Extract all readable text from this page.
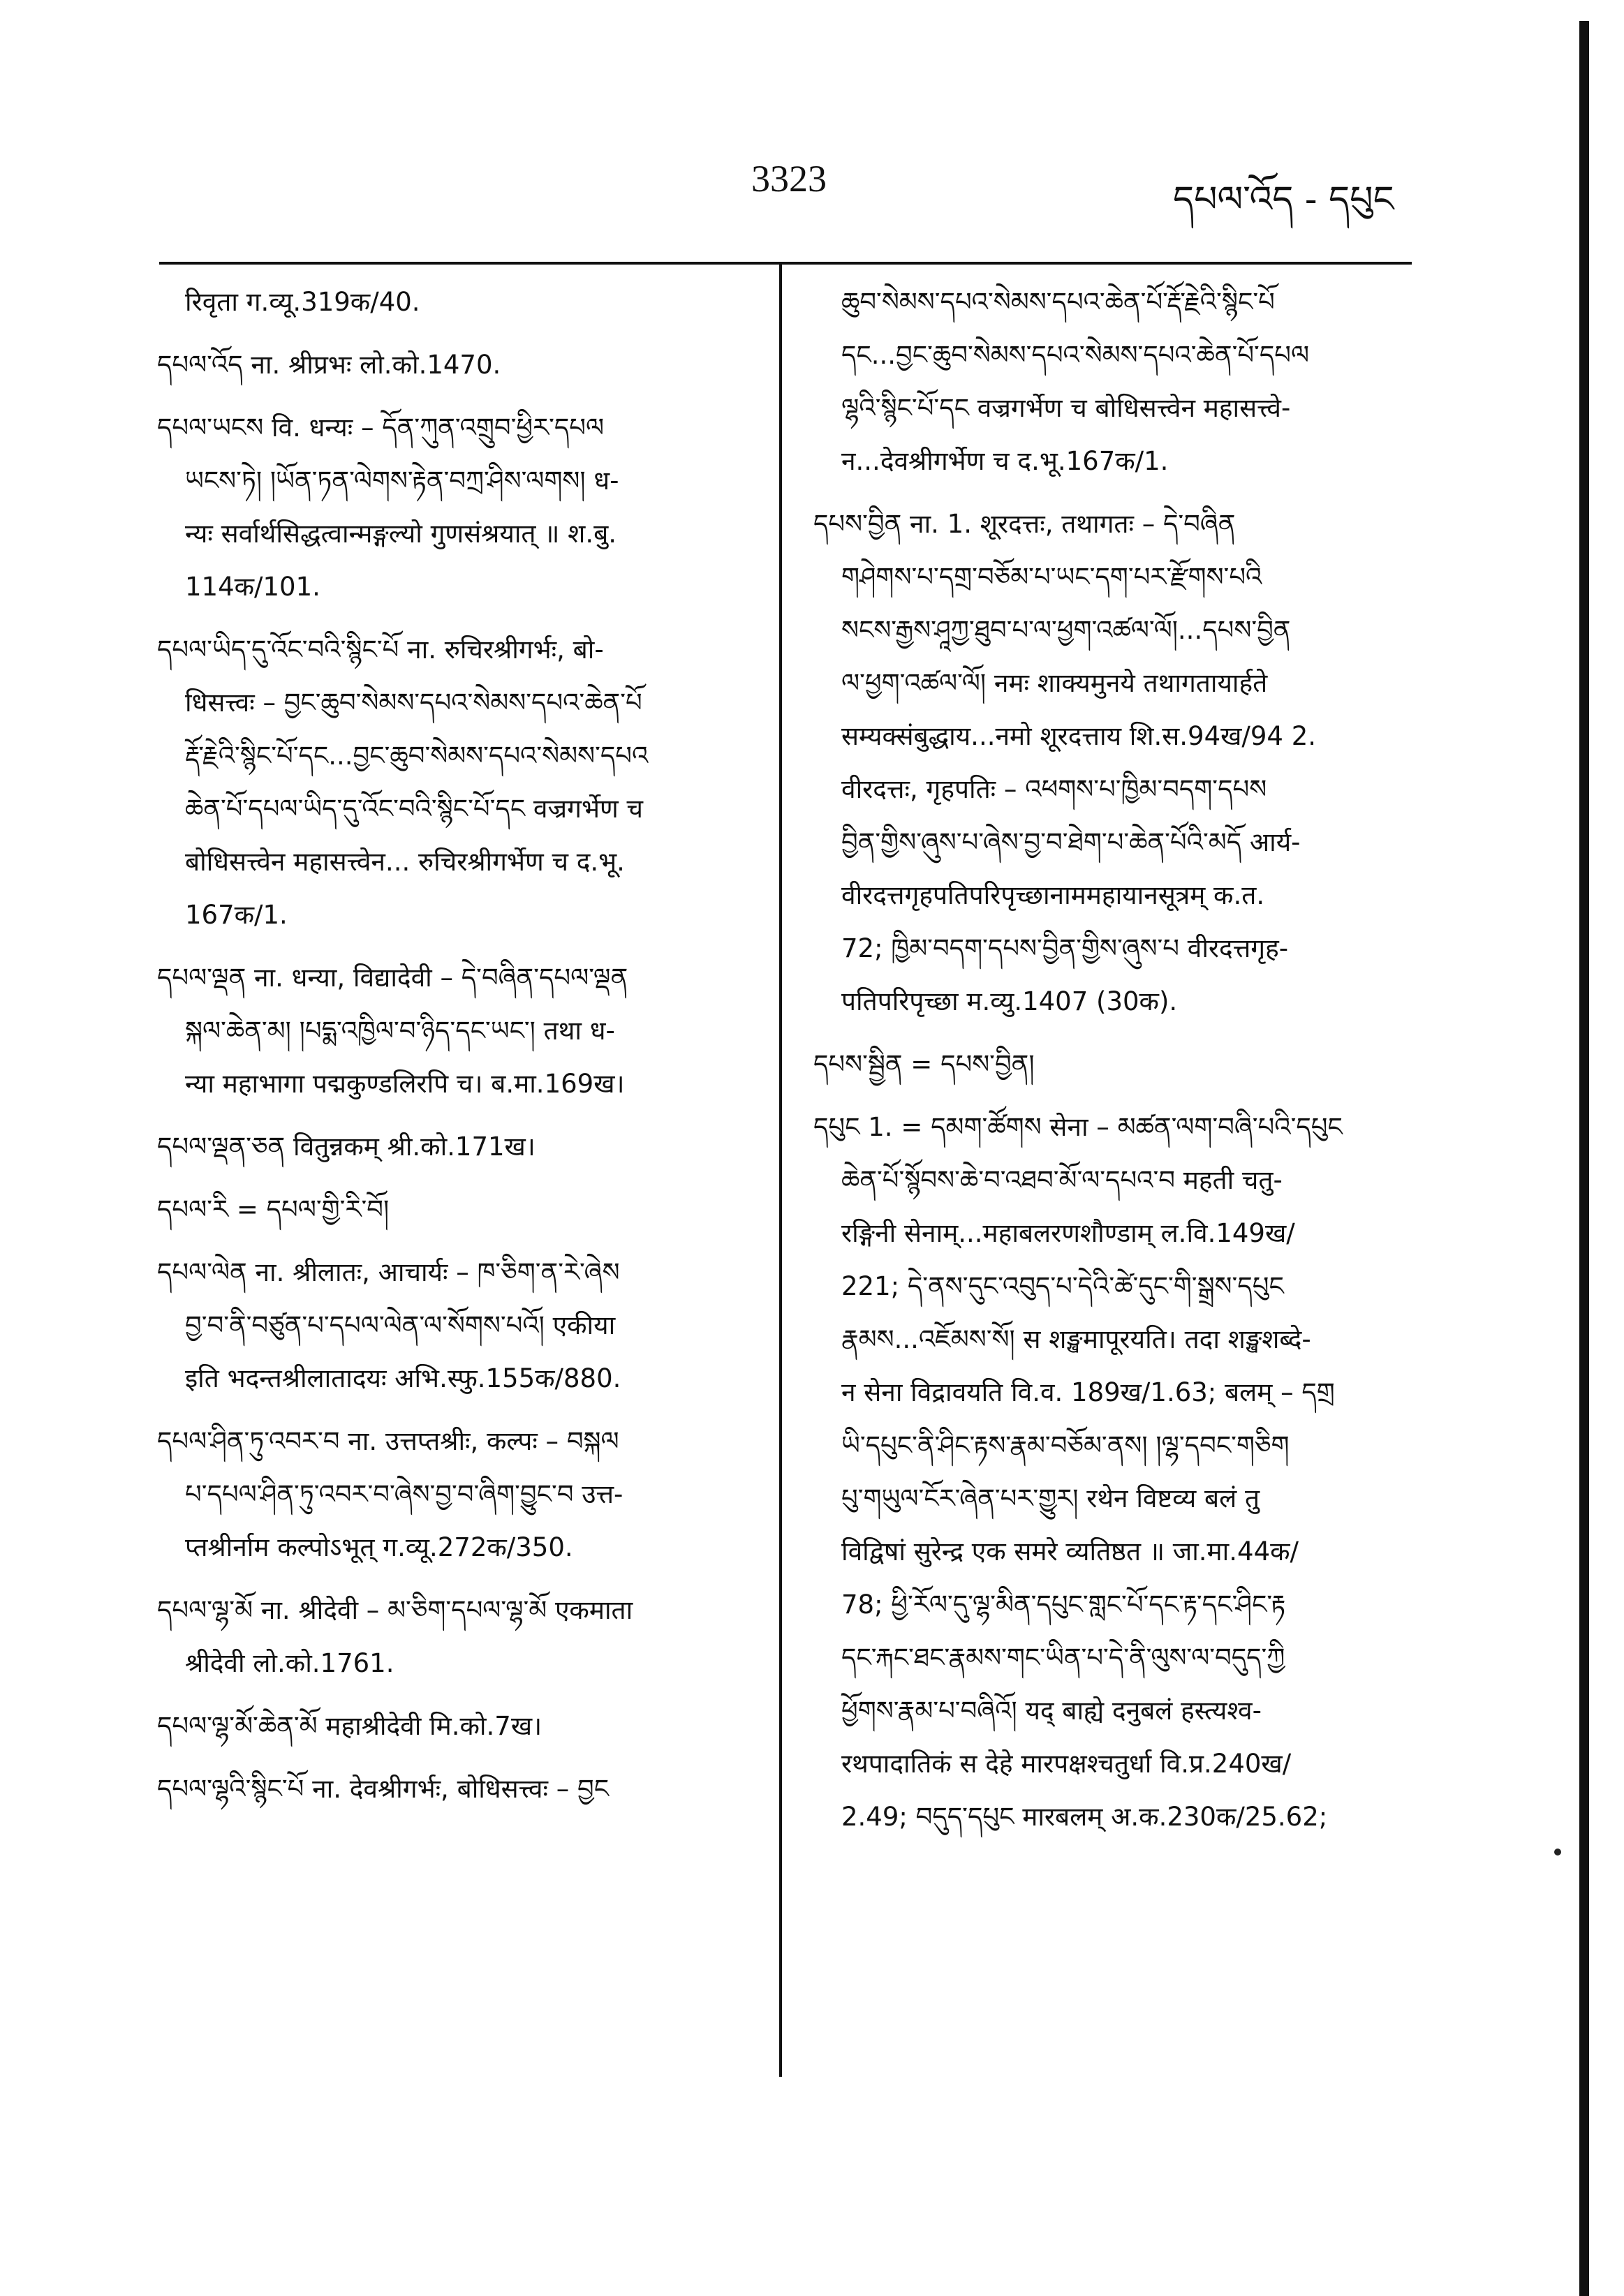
3323	དཔལ་འོད - དཔུང
रिवृता ग.व्यू.319क/40.
དཔལ་འོད ना. श्रीप्रभः लो.को.1470.
དཔལ་ཡངས वि. धन्यः – དོན་ཀུན་འགྲུབ་ཕྱིར་དཔལ
ཡངས་ཏེ། །ཡོན་ཏན་ལེགས་རྟེན་བཀྲ་ཤིས་ལགས། ध-
न्यः सर्वार्थसिद्धत्वान्मङ्गल्यो गुणसंश्रयात् ॥ श.बु.
114क/101.
དཔལ་ཡིད་དུ་འོང་བའི་སྙིང་པོ ना. रुचिरश्रीगर्भः, बो-
धिसत्त्वः – བྱང་ཆུབ་སེམས་དཔའ་སེམས་དཔའ་ཆེན་པོ
རྡོ་རྗེའི་སྙིང་པོ་དང...བྱང་ཆུབ་སེམས་དཔའ་སེམས་དཔའ
ཆེན་པོ་དཔལ་ཡིད་དུ་འོང་བའི་སྙིང་པོ་དང वज्रगर्भेण च
बोधिसत्त्वेन महासत्त्वेन... रुचिरश्रीगर्भेण च द.भू.
167क/1.
དཔལ་ལྡན ना. धन्या, विद्यादेवी – དེ་བཞིན་དཔལ་ལྡན
སྐལ་ཆེན་མ། །པདྨ་འཁྱིལ་བ་ཉིད་དང་ཡང་། तथा ध-
न्या महाभागा पद्मकुण्डलिरपि च। ब.मा.169ख।
དཔལ་ལྡན་ཅན वितुन्नकम् श्री.को.171ख।
དཔལ་རི = དཔལ་གྱི་རི་བོ།
དཔལ་ལེན ना. श्रीलातः, आचार्यः – ཁ་ཅིག་ན་རེ་ཞེས
བྱ་བ་ནི་བཙུན་པ་དཔལ་ལེན་ལ་སོགས་པའོ། एकीया
इति भदन्तश्रीलातादयः अभि.स्फु.155क/880.
དཔལ་ཤིན་ཏུ་འབར་བ ना. उत्तप्तश्रीः, कल्पः – བསྐལ
པ་དཔལ་ཤིན་ཏུ་འབར་བ་ཞེས་བྱ་བ་ཞིག་བྱུང་བ उत्त-
प्तश्रीर्नाम कल्पोऽभूत् ग.व्यू.272क/350.
དཔལ་ལྷ་མོ ना. श्रीदेवी – མ་ཅིག་དཔལ་ལྷ་མོ एकमाता
श्रीदेवी लो.को.1761.
དཔལ་ལྷ་མོ་ཆེན་མོ महाश्रीदेवी मि.को.7ख।
དཔལ་ལྷའི་སྙིང་པོ ना. देवश्रीगर्भः, बोधिसत्त्वः – བྱང
ཆུབ་སེམས་དཔའ་སེམས་དཔའ་ཆེན་པོ་རྡོ་རྗེའི་སྙིང་པོ
དང...བྱང་ཆུབ་སེམས་དཔའ་སེམས་དཔའ་ཆེན་པོ་དཔལ
ལྷའི་སྙིང་པོ་དང वज्रगर्भेण च बोधिसत्त्वेन महासत्त्वे-
न...देवश्रीगर्भेण च द.भू.167क/1.
དཔས་བྱིན ना. 1. शूरदत्तः, तथागतः – དེ་བཞིན
གཤེགས་པ་དགྲ་བཅོམ་པ་ཡང་དག་པར་རྫོགས་པའི
སངས་རྒྱས་ཤཱཀྱ་ཐུབ་པ་ལ་ཕྱག་འཚལ་ལོ།...དཔས་བྱིན
ལ་ཕྱག་འཚལ་ལོ། नमः शाक्यमुनये तथागतायार्हते
सम्यक्संबुद्धाय...नमो शूरदत्ताय शि.स.94ख/94 2.
वीरदत्तः, गृहपतिः – འཕགས་པ་ཁྱིམ་བདག་དཔས
བྱིན་གྱིས་ཞུས་པ་ཞེས་བྱ་བ་ཐེག་པ་ཆེན་པོའི་མདོ आर्य-
वीरदत्तगृहपतिपरिपृच्छानाममहायानसूत्रम् क.त.
72; ཁྱིམ་བདག་དཔས་བྱིན་གྱིས་ཞུས་པ वीरदत्तगृह-
पतिपरिपृच्छा म.व्यु.1407 (30क).
དཔས་སྦྱིན = དཔས་བྱིན།
དཔུང 1. = དམག་ཚོགས सेना – མཚན་ལག་བཞི་པའི་དཔུང
ཆེན་པོ་སྙོབས་ཆེ་བ་འཐབ་མོ་ལ་དཔའ་བ महती चतु-
रङ्गिनी सेनाम्...महाबलरणशौण्डाम् ल.वि.149ख/
221; དེ་ནས་དུང་འབུད་པ་དེའི་ཚེ་དུང་གི་སྒྲས་དཔུང
རྣམས...འཇོམས་སོ། स शङ्खमापूरयति। तदा शङ्खशब्दे-
न सेना विद्रावयति वि.व. 189ख/1.63; बलम् – དགྲ
ཡི་དཔུང་ནི་ཤིང་རྟས་རྣམ་བཅོམ་ནས། །ལྷ་དབང་གཅིག
པུ་གཡུལ་ངོར་ཞེན་པར་གྱུར། रथेन विष्टव्य बलं तु
विद्विषां सुरेन्द्र एक समरे व्यतिष्ठत ॥ जा.मा.44क/
78; ཕྱི་རོལ་དུ་ལྷ་མིན་དཔུང་གླང་པོ་དང་རྟ་དང་ཤིང་རྟ
དང་རྐང་ཐང་རྣམས་གང་ཡིན་པ་དེ་ནི་ལུས་ལ་བདུད་ཀྱི
ཕྱོགས་རྣམ་པ་བཞིའོ། यद् बाह्ये दनुबलं हस्त्यश्व-
रथपादातिकं स देहे मारपक्षश्चतुर्धा वि.प्र.240ख/
2.49; བདུད་དཔུང मारबलम् अ.क.230क/25.62;
